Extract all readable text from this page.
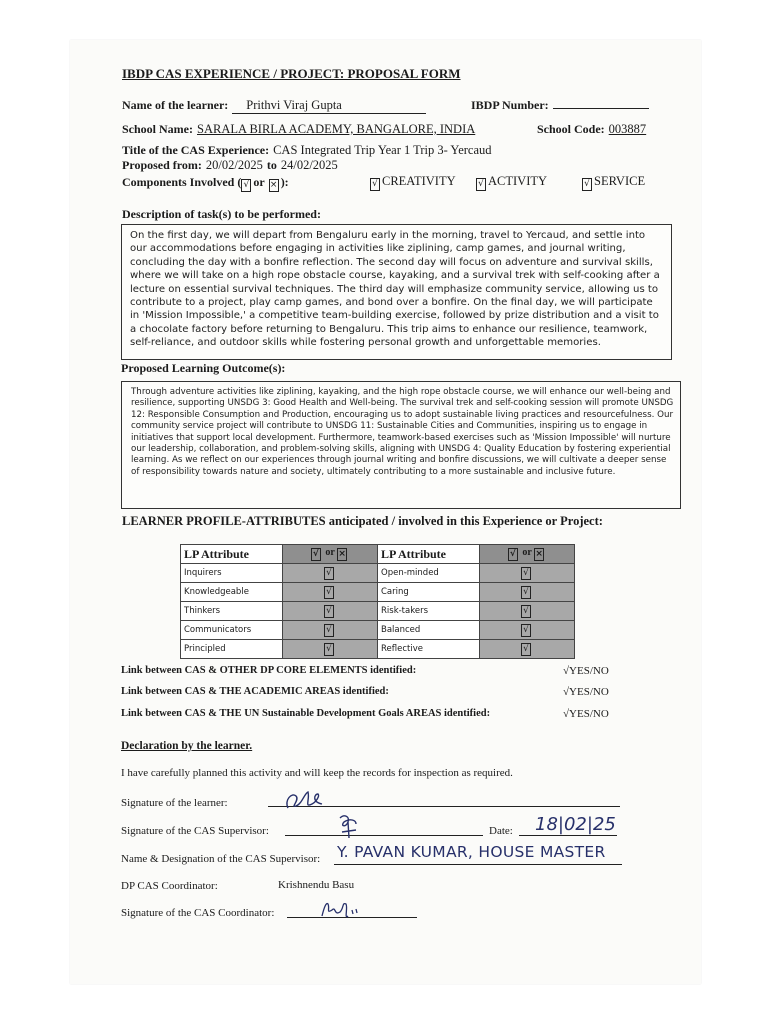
IBDP CAS EXPERIENCE / PROJECT: PROPOSAL FORM
Name of the learner: Prithvi Viraj Gupta	IBDP Number:
School Name: SARALA BIRLA ACADEMY, BANGALORE, INDIA	School Code: 003887
Title of the CAS Experience: CAS Integrated Trip Year 1 Trip 3- Yercaud
Proposed from: 20/02/2025 to 24/02/2025
Components Involved ( √ or × ):	√ CREATIVITY	√ ACTIVITY	√ SERVICE
Description of task(s) to be performed:

On the first day, we will depart from Bengaluru early in the morning, travel to Yercaud, and settle into our accommodations before engaging in activities like ziplining, camp games, and journal writing, concluding the day with a bonfire reflection. The second day will focus on adventure and survival skills, where we will take on a high rope obstacle course, kayaking, and a survival trek with self-cooking after a lecture on essential survival techniques. The third day will emphasize community service, allowing us to contribute to a project, play camp games, and bond over a bonfire. On the final day, we will participate in 'Mission Impossible,' a competitive team-building exercise, followed by prize distribution and a visit to a chocolate factory before returning to Bengaluru. This trip aims to enhance our resilience, teamwork, self-reliance, and outdoor skills while fostering personal growth and unforgettable memories.

Proposed Learning Outcome(s):

Through adventure activities like ziplining, kayaking, and the high rope obstacle course, we will enhance our well-being and resilience, supporting UNSDG 3: Good Health and Well-being. The survival trek and self-cooking session will promote UNSDG 12: Responsible Consumption and Production, encouraging us to adopt sustainable living practices and resourcefulness. Our community service project will contribute to UNSDG 11: Sustainable Cities and Communities, inspiring us to engage in initiatives that support local development. Furthermore, teamwork-based exercises such as 'Mission Impossible' will nurture our leadership, collaboration, and problem-solving skills, aligning with UNSDG 4: Quality Education by fostering experiential learning. As we reflect on our experiences through journal writing and bonfire discussions, we will cultivate a deeper sense of responsibility towards nature and society, ultimately contributing to a more sustainable and inclusive future.

LEARNER PROFILE-ATTRIBUTES anticipated / involved in this Experience or Project:
LP Attribute	√ or ×	LP Attribute	√ or ×
Inquirers	√	Open-minded	√
Knowledgeable	√	Caring	√
Thinkers	√	Risk-takers	√
Communicators	√	Balanced	√
Principled	√	Reflective	√
Link between CAS & OTHER DP CORE ELEMENTS identified:	√YES/NO
Link between CAS & THE ACADEMIC AREAS identified:	√YES/NO
Link between CAS & THE UN Sustainable Development Goals AREAS identified:	√YES/NO
Declaration by the learner.
I have carefully planned this activity and will keep the records for inspection as required.
Signature of the learner:
Signature of the CAS Supervisor:	Date: 18|02|25
Name & Designation of the CAS Supervisor: Y. PAVAN KUMAR, HOUSE MASTER
DP CAS Coordinator:	Krishnendu Basu
Signature of the CAS Coordinator:
